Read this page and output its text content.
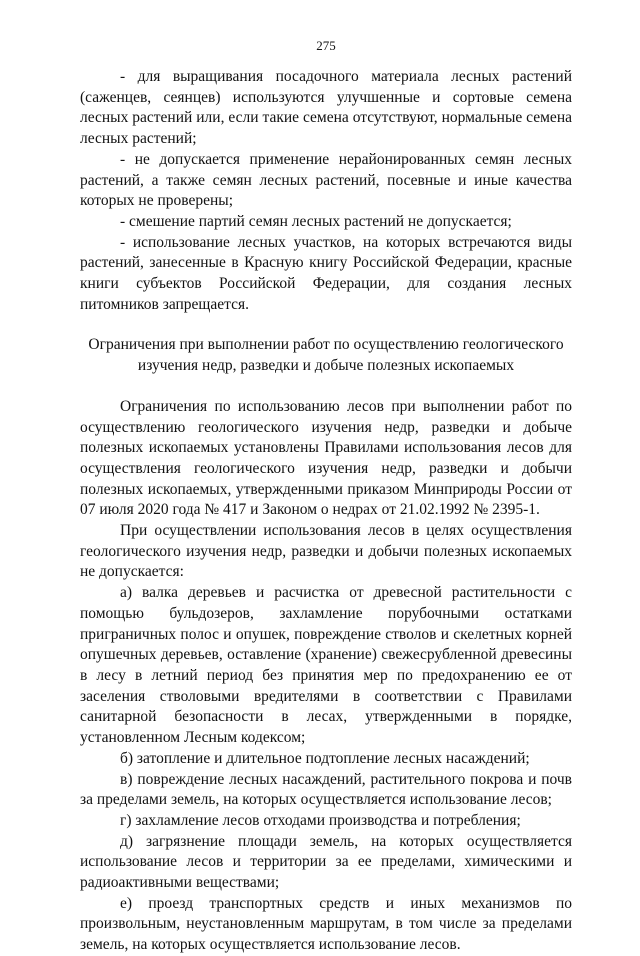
275

- для выращивания посадочного материала лесных растений (саженцев, сеянцев) используются улучшенные и сортовые семена лесных растений или, если такие семена отсутствуют, нормальные семена лесных растений;

- не допускается применение нерайонированных семян лесных растений, а также семян лесных растений, посевные и иные качества которых не проверены;

- смешение партий семян лесных растений не допускается;

- использование лесных участков, на которых встречаются виды растений, занесенные в Красную книгу Российской Федерации, красные книги субъектов Российской Федерации, для создания лесных питомников запрещается.

Ограничения при выполнении работ по осуществлению геологического
изучения недр, разведки и добыче полезных ископаемых

Ограничения по использованию лесов при выполнении работ по осуществлению геологического изучения недр, разведки и добыче полезных ископаемых установлены Правилами использования лесов для осуществления геологического изучения недр, разведки и добычи полезных ископаемых, утвержденными приказом Минприроды России от 07 июля 2020 года № 417 и Законом о недрах от 21.02.1992 № 2395-1.

При осуществлении использования лесов в целях осуществления геологического изучения недр, разведки и добычи полезных ископаемых не допускается:

а) валка деревьев и расчистка от древесной растительности с помощью бульдозеров, захламление порубочными остатками приграничных полос и опушек, повреждение стволов и скелетных корней опушечных деревьев, оставление (хранение) свежесрубленной древесины в лесу в летний период без принятия мер по предохранению ее от заселения стволовыми вредителями в соответствии с Правилами санитарной безопасности в лесах, утвержденными в порядке, установленном Лесным кодексом;

б) затопление и длительное подтопление лесных насаждений;

в) повреждение лесных насаждений, растительного покрова и почв за пределами земель, на которых осуществляется использование лесов;

г) захламление лесов отходами производства и потребления;

д) загрязнение площади земель, на которых осуществляется использование лесов и территории за ее пределами, химическими и радиоактивными веществами;

е) проезд транспортных средств и иных механизмов по произвольным, неустановленным маршрутам, в том числе за пределами земель, на которых осуществляется использование лесов.
